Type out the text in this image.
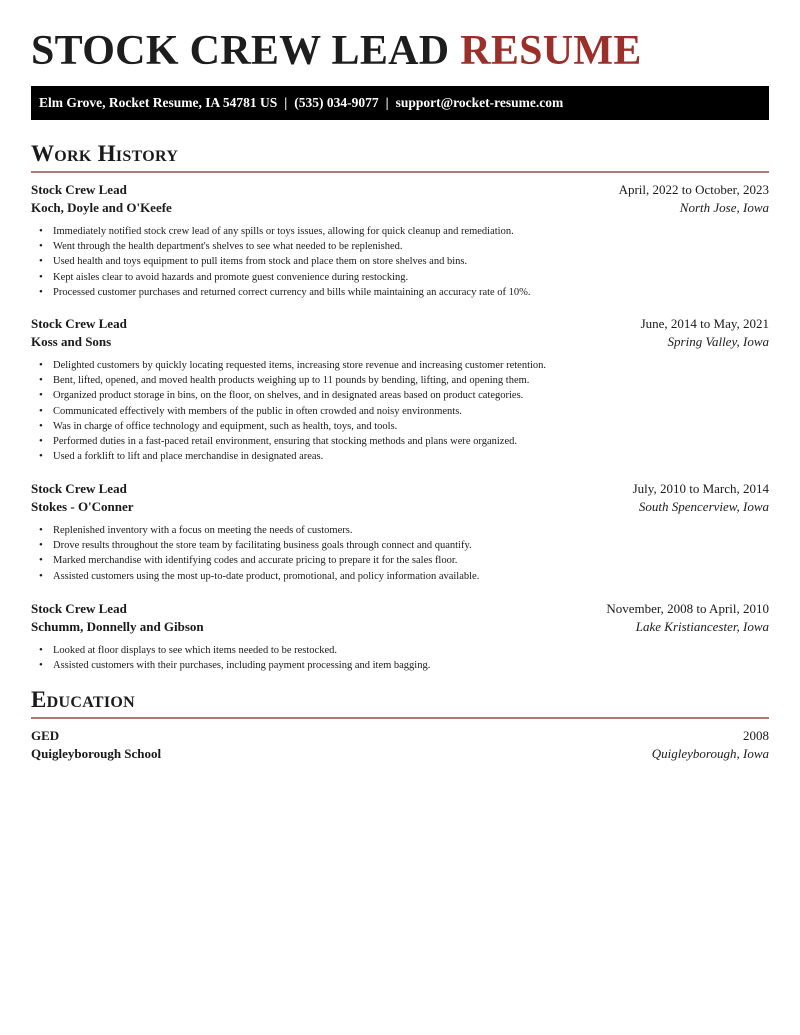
STOCK CREW LEAD RESUME
Elm Grove, Rocket Resume, IA 54781 US | (535) 034-9077 | support@rocket-resume.com
Work History
Stock Crew Lead	April, 2022 to October, 2023
Koch, Doyle and O'Keefe	North Jose, Iowa
• Immediately notified stock crew lead of any spills or toys issues, allowing for quick cleanup and remediation.
• Went through the health department's shelves to see what needed to be replenished.
• Used health and toys equipment to pull items from stock and place them on store shelves and bins.
• Kept aisles clear to avoid hazards and promote guest convenience during restocking.
• Processed customer purchases and returned correct currency and bills while maintaining an accuracy rate of 10%.
Stock Crew Lead	June, 2014 to May, 2021
Koss and Sons	Spring Valley, Iowa
• Delighted customers by quickly locating requested items, increasing store revenue and increasing customer retention.
• Bent, lifted, opened, and moved health products weighing up to 11 pounds by bending, lifting, and opening them.
• Organized product storage in bins, on the floor, on shelves, and in designated areas based on product categories.
• Communicated effectively with members of the public in often crowded and noisy environments.
• Was in charge of office technology and equipment, such as health, toys, and tools.
• Performed duties in a fast-paced retail environment, ensuring that stocking methods and plans were organized.
• Used a forklift to lift and place merchandise in designated areas.
Stock Crew Lead	July, 2010 to March, 2014
Stokes - O'Conner	South Spencerview, Iowa
• Replenished inventory with a focus on meeting the needs of customers.
• Drove results throughout the store team by facilitating business goals through connect and quantify.
• Marked merchandise with identifying codes and accurate pricing to prepare it for the sales floor.
• Assisted customers using the most up-to-date product, promotional, and policy information available.
Stock Crew Lead	November, 2008 to April, 2010
Schumm, Donnelly and Gibson	Lake Kristiancester, Iowa
• Looked at floor displays to see which items needed to be restocked.
• Assisted customers with their purchases, including payment processing and item bagging.
Education
GED	2008
Quigleyborough School	Quigleyborough, Iowa
